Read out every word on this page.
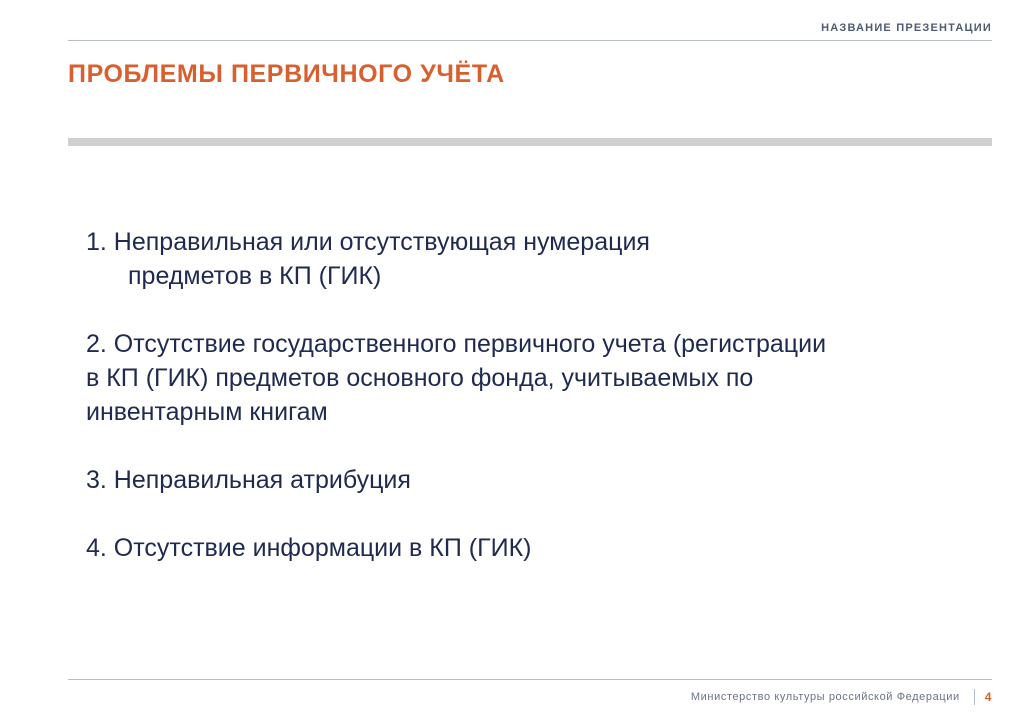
НАЗВАНИЕ ПРЕЗЕНТАЦИИ
ПРОБЛЕМЫ ПЕРВИЧНОГО УЧЁТА

1. Неправильная или отсутствующая нумерация

предметов в КП (ГИК)

2. Отсутствие государственного первичного учета (регистрации

в КП (ГИК) предметов основного фонда, учитываемых по

инвентарным книгам

3. Неправильная атрибуция

4. Отсутствие информации в КП (ГИК)

Министерство культуры российской Федерации 4
